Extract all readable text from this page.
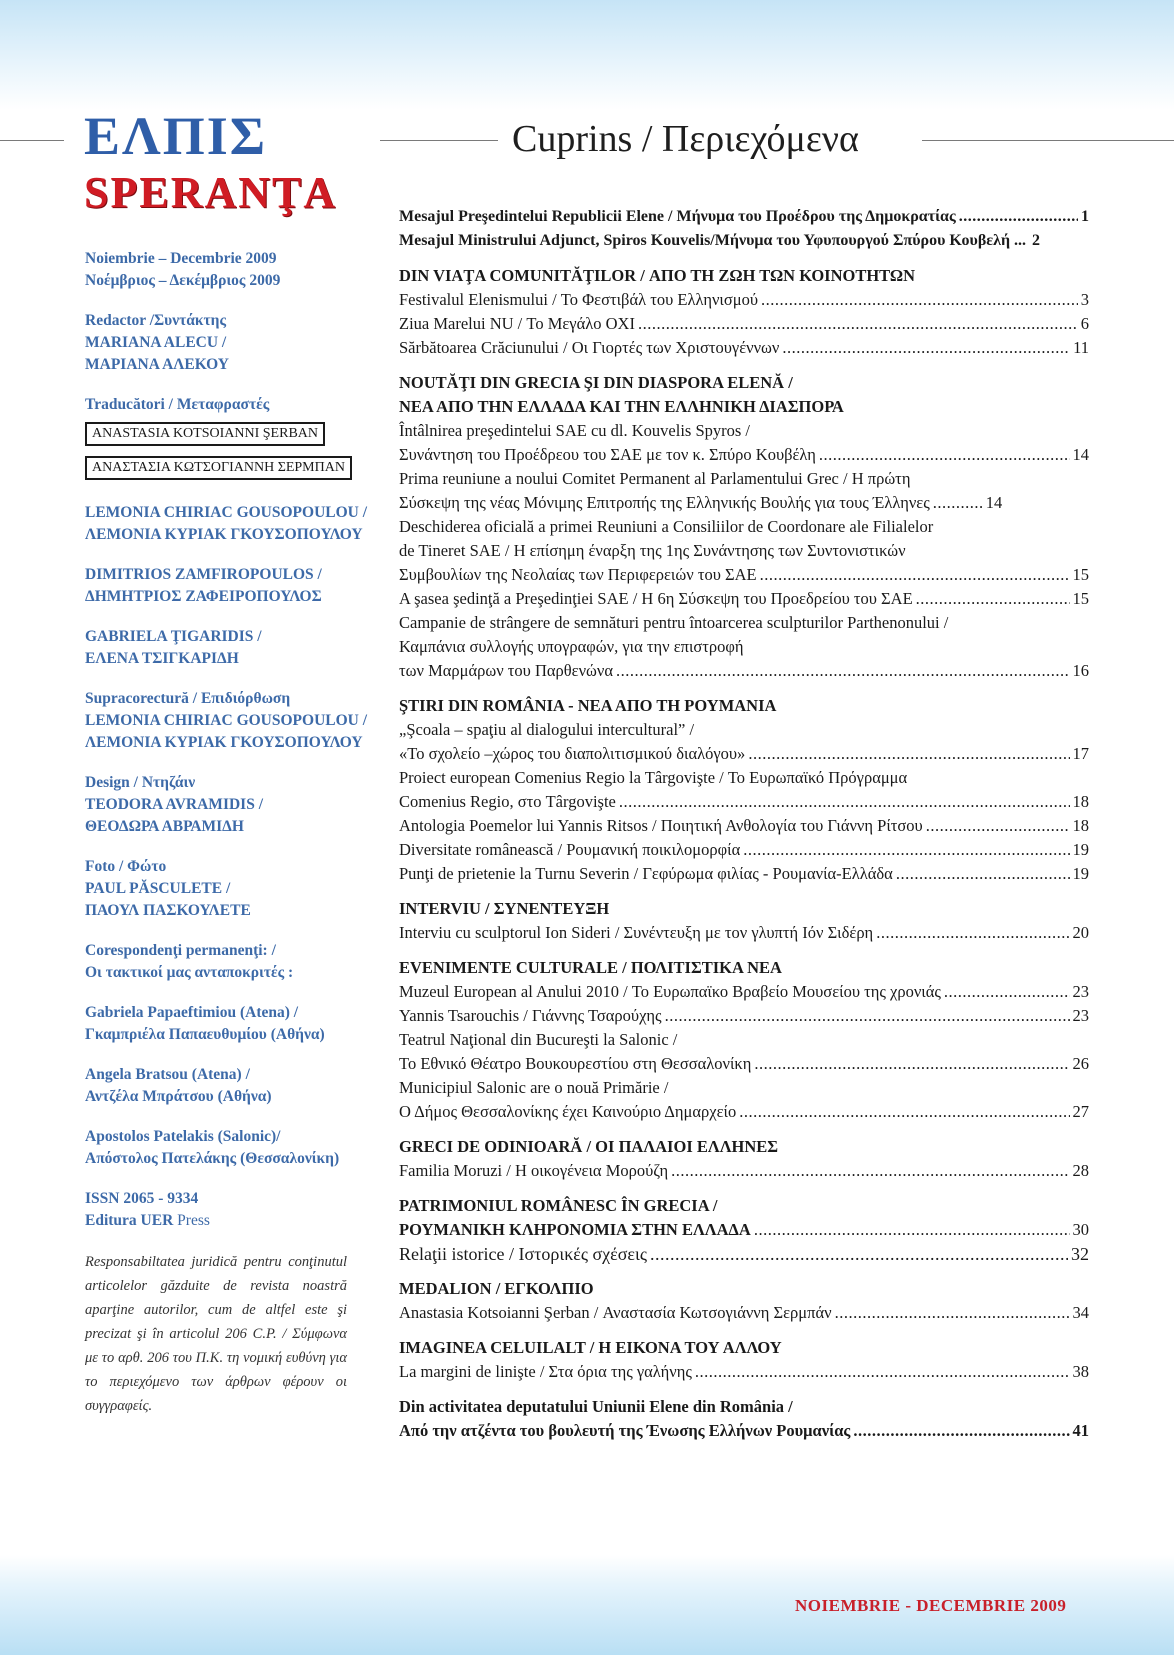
ΕΛΠΙΣ
SPERANŢA
Cuprins / Περιεχόμενα
Noiembrie – Decembrie 2009
Noέμβριος – Δεκέμβριος 2009
Redactor /Συντάκτης
MARIANA ALECU /
ΜΑΡΙΑΝΑ ΑΛΕΚΟΥ
Traducători / Μεταφραστές
ANASTASIA KOTSOIANNI ŞERBAN
ΑΝΑΣΤΑΣΙΑ ΚΩΤΣΟΓΙΑΝΝΗ ΣΕΡΜΠΑΝ
LEMONIA CHIRIAC GOUSOPOULOU /
ΛΕΜΟΝΙΑ ΚΥΡΙΑΚ ΓΚΟΥΣΟΠΟΥΛΟΥ
DIMITRIOS ZAMFIROPOULOS /
ΔΗΜΗΤΡΙΟΣ ΖΑΦΕΙΡΟΠΟΥΛΟΣ
GABRIELA ŢIGARIDIS /
ΕΛΕΝΑ ΤΣΙΓΚΑΡΙΔΗ
Supracorectură / Επιδιόρθωση
LEMONIA CHIRIAC GOUSOPOULOU /
ΛΕΜΟΝΙΑ ΚΥΡΙΑΚ ΓΚΟΥΣΟΠΟΥΛΟΥ
Design / Ντηζάιν
TEODORA AVRAMIDIS /
ΘΕΟΔΩΡΑ ΑΒΡΑΜΙΔΗ
Foto / Φώτο
PAUL PĂSCULETE /
ΠΑΟΥΛ ΠΑΣΚΟΥΛΕΤΕ
Corespondenţi permanenţi: /
Οι τακτικοί μας ανταποκριτές :
Gabriela Papaeftimiou (Atena) /
Γκαμπριέλα Παπαευθυμίου (Αθήνα)
Angela Bratsou (Atena) /
Αντζέλα Μπράτσου (Αθήνα)
Apostolos Patelakis (Salonic)/
Απόστολος Πατελάκης (Θεσσαλονίκη)
ISSN 2065 - 9334
Editura UER Press
Responsabiltatea juridică pentru conţinutul articolelor găzduite de revista noastră aparţine autorilor, cum de altfel este şi precizat şi în articolul 206 C.P. / Σύμφωνα με το αρθ. 206 του Π.Κ. τη νομική ευθύνη για το περιεχόμενο των άρθρων φέρουν οι συγγραφείς.
Mesajul Preşedintelui Republicii Elene / Μήνυμα του Προέδρου της Δημοκρατίας .....	1
Mesajul Ministrului Adjunct, Spiros Kouvelis/Μήνυμα του Υφυπουργού Σπύρου Κουβελή ... 2
DIN VIAŢA COMUNITĂŢILOR / ΑΠΟ ΤΗ ΖΩΗ ΤΩΝ ΚΟΙΝΟΤΗΤΩΝ
Festivalul Elenismului / Το Φεστιβάλ του Ελληνισμού .....	3
Ziua Marelui NU / Το Μεγάλο ΟΧΙ .....	6
Sărbătoarea Crăciunului / Οι Γιορτές των Χριστουγέννων .....	11
NOUTĂŢI DIN GRECIA ŞI DIN DIASPORA ELENĂ /
ΝΕΑ ΑΠΟ ΤΗΝ ΕΛΛΑΔΑ ΚΑΙ ΤΗΝ ΕΛΛΗΝΙΚΗ ΔΙΑΣΠΟΡΑ
Întâlnirea preşedintelui SAE cu dl. Kouvelis Spyros /
Συνάντηση του Προέδρεου του ΣΑΕ με τον κ. Σπύρο Κουβέλη .....	14
Prima reuniune a noului Comitet Permanent al Parlamentului Grec / Η πρώτη
Σύσκεψη της νέας Μόνιμης Επιτροπής της Ελληνικής Βουλής για τους Έλληνες .....	14
Deschiderea oficială a primei Reuniuni a Consiliilor de Coordonare ale Filialelor
de Tineret SAE / Η επίσημη έναρξη της 1ης Συνάντησης των Συντονιστικών
Συμβουλίων της Νεολαίας των Περιφερειών του ΣΑΕ .....	15
A şasea şedinţă a Preşedinţiei SAE / Η 6η Σύσκεψη του Προεδρείου του ΣΑΕ .....	15
Campanie de strângere de semnături pentru întoarcerea sculpturilor Parthenonului /
Καμπάνια συλλογής υπογραφών, για την επιστροφή
των Μαρμάρων του Παρθενώνα .....	16
ŞTIRI DIN ROMÂNIA - ΝΕΑ ΑΠΟ ΤΗ ΡΟΥΜΑΝΙΑ
„Şcoala – spaţiu al dialogului intercultural” /
«Το σχολείο –χώρος του διαπολιτισμικού διαλόγου» .....	17
Proiect european Comenius Regio la Târgovişte / Το Ευρωπαϊκό Πρόγραμμα
Comenius Regio, στο Târgovişte .....	18
Antologia Poemelor lui Yannis Ritsos / Ποιητική Ανθολογία του Γιάννη Ρίτσου .....	18
Diversitate românească / Ρουμανική ποικιλομορφία .....	19
Punţi de prietenie la Turnu Severin / Γεφύρωμα φιλίας - Ρουμανία-Ελλάδα .....	19
INTERVIU / ΣΥΝΕΝΤΕΥΞΗ
Interviu cu sculptorul Ion Sideri / Συνέντευξη με τον γλυπτή Ιόν Σιδέρη .....	20
EVENIMENTE CULTURALE / ΠΟΛΙΤΙΣΤΙΚΑ ΝΕΑ
Muzeul European al Anului 2010 / Το Ευρωπαϊκο Βραβείο Μουσείου της χρονιάς .....	23
Yannis Tsarouchis / Γιάννης Τσαρούχης .....	23
Teatrul Naţional din Bucureşti la Salonic /
Το Εθνικό Θέατρο Βουκουρεστίου στη Θεσσαλονίκη .....	26
Municipiul Salonic are o nouă Primărie /
Ο Δήμος Θεσσαλονίκης έχει Καινούριο Δημαρχείο .....	27
GRECI DE ODINIOARĂ / ΟΙ ΠΑΛΑΙΟΙ ΕΛΛΗΝΕΣ
Familia Moruzi / Η οικογένεια Μορούζη .....	28
PATRIMONIUL ROMÂNESC ÎN GRECIA /
ΡΟΥΜΑΝΙΚΗ ΚΛΗΡΟΝΟΜΙΑ ΣΤΗΝ ΕΛΛΑΔΑ .....	30
Relaţii istorice / Ιστορικές σχέσεις .....	32
MEDALION / ΕΓΚΟΛΠΙΟ
Anastasia Kotsoianni Şerban / Αναστασία Κωτσογιάννη Σερμπάν .....	34
IMAGINEA CELUILALT / Η ΕΙΚΟΝΑ ΤΟΥ ΑΛΛΟΥ
La margini de linişte / Στα όρια της γαλήνης .....	38
Din activitatea deputatului Uniunii Elene din România /
Από την ατζέντα του βουλευτή της Ένωσης Ελλήνων Ρουμανίας .....	41
NOIEMBRIE - DECEMBRIE 2009
